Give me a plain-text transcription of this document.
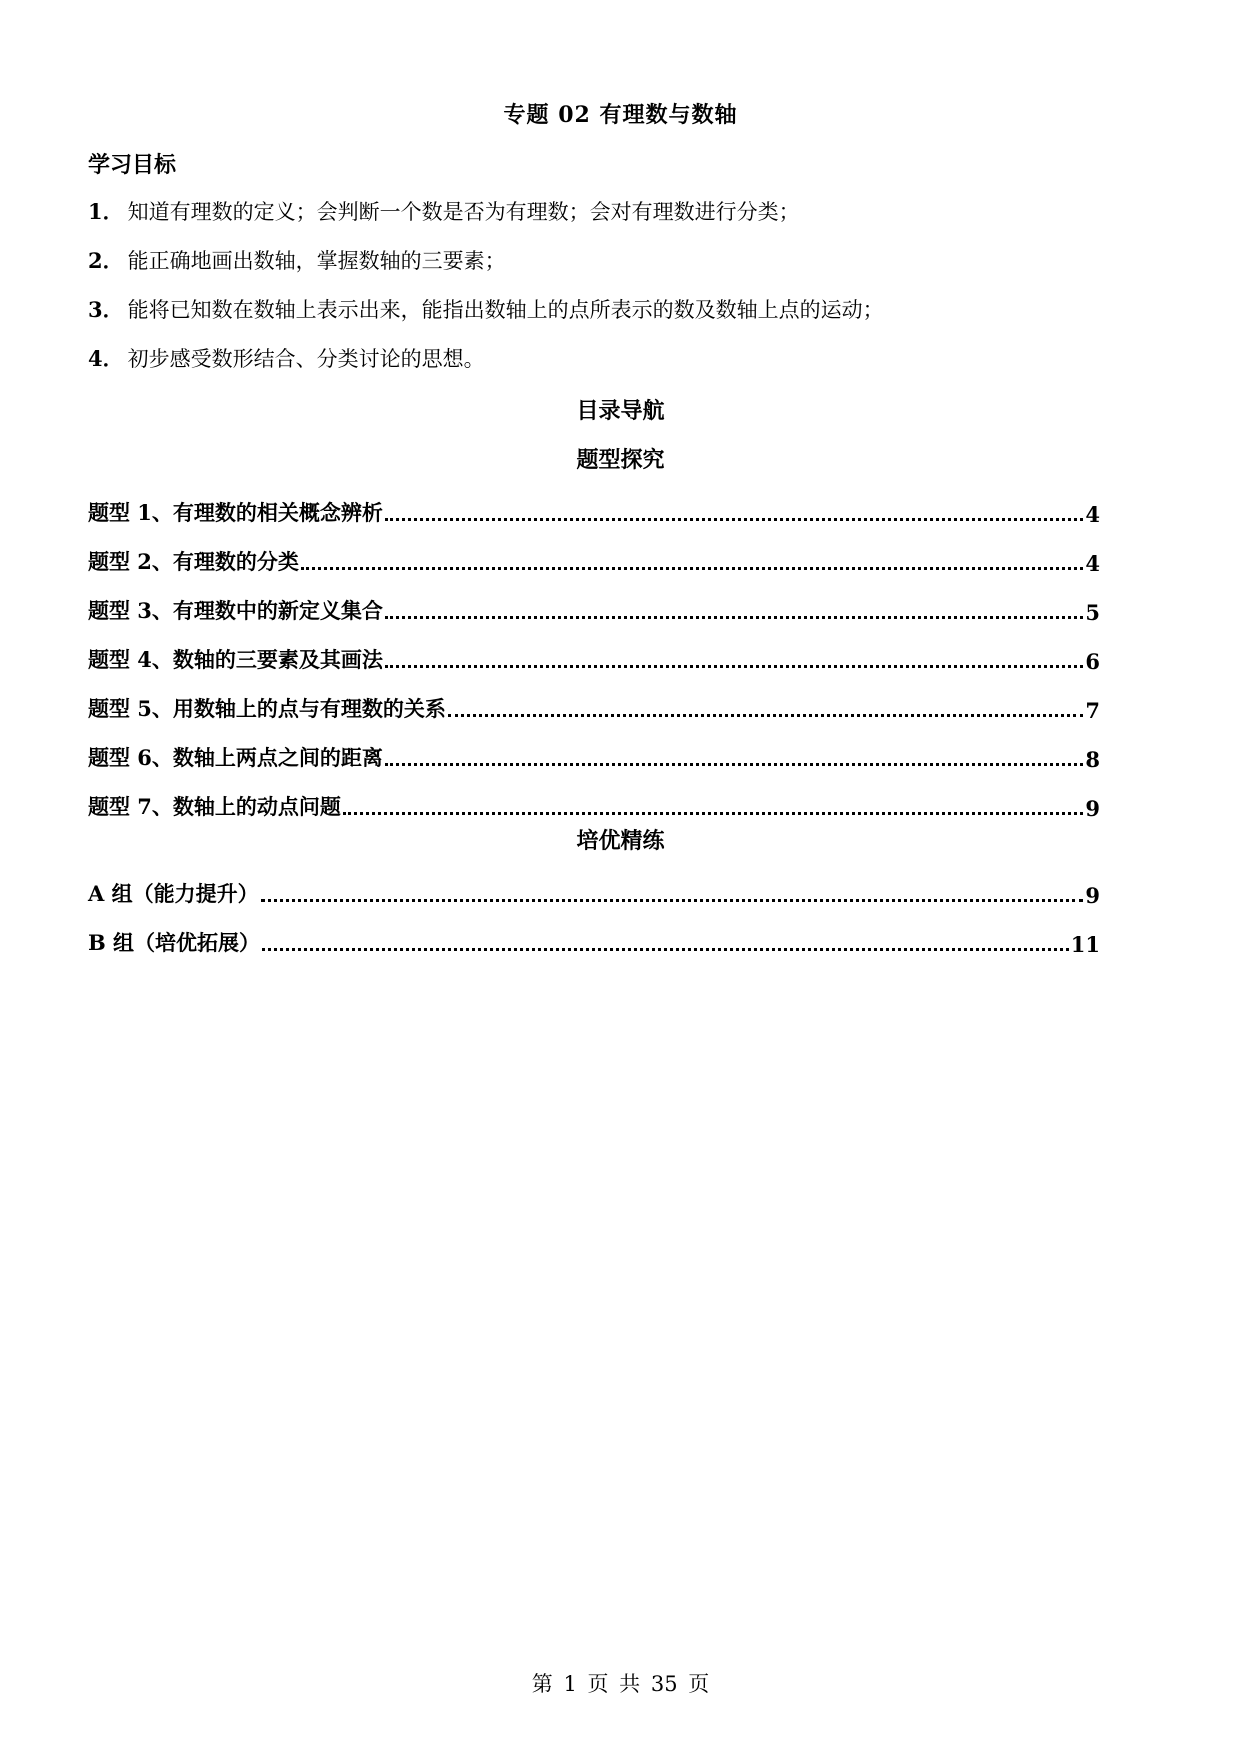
专题 02 有理数与数轴
学习目标
1． 知道有理数的定义；会判断一个数是否为有理数；会对有理数进行分类；
2． 能正确地画出数轴，掌握数轴的三要素；
3． 能将已知数在数轴上表示出来，能指出数轴上的点所表示的数及数轴上点的运动；
4． 初步感受数形结合、分类讨论的思想。
目录导航
题型探究
题型 1、有理数的相关概念辨析	4
题型 2、有理数的分类	4
题型 3、有理数中的新定义集合	5
题型 4、数轴的三要素及其画法	6
题型 5、用数轴上的点与有理数的关系	7
题型 6、数轴上两点之间的距离	8
题型 7、数轴上的动点问题	9
培优精练
A 组（能力提升）	9
B 组（培优拓展）	11
第 1 页 共 35 页
